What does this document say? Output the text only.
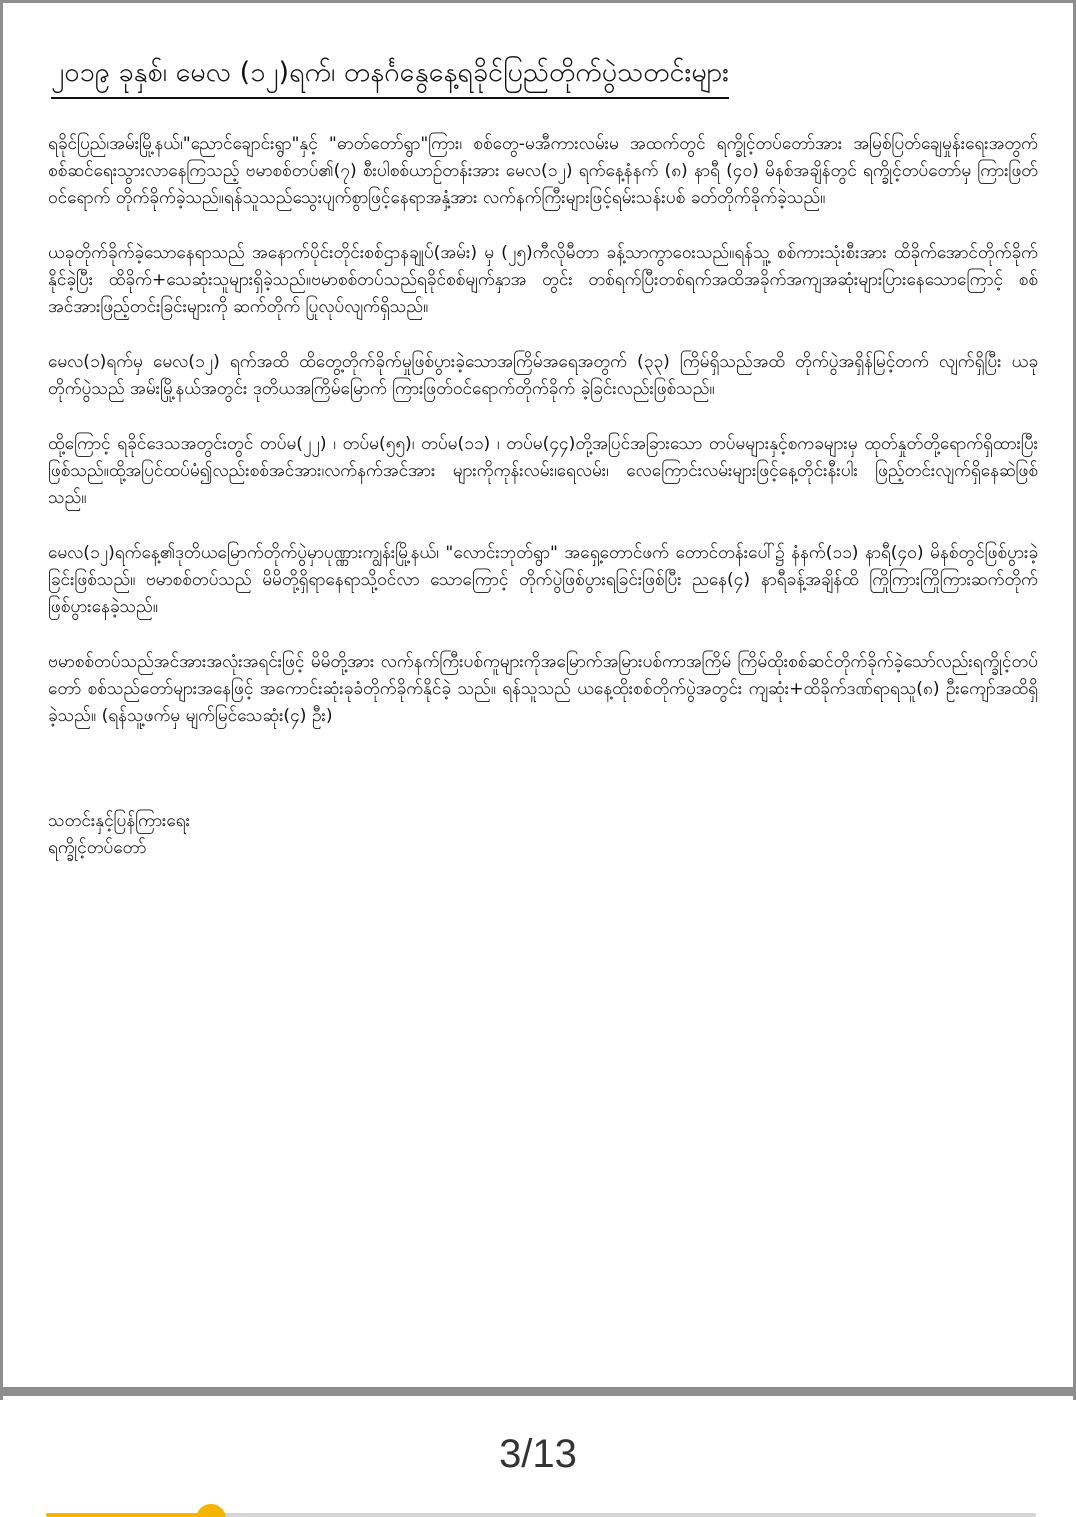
၂၀၁၉ ခုနှစ်၊ မေလ (၁၂)ရက်၊ တနင်္ဂနွေနေ့ရခိုင်ပြည်တိုက်ပွဲသတင်းများ

ရခိုင်ပြည်၊အမ်းမြို့နယ်၊"ညောင်ချောင်းရွာ"နှင့် "ဓာတ်တော်ရွာ"ကြား၊ စစ်တွေ-မအီကားလမ်းမ အထက်တွင် ရက္ခိုင့်တပ်တော်အား အမြစ်ပြတ်ချေမှုန်းရေးအတွက် စစ်ဆင်ရေးသွားလာနေကြသည့် ဗမာစစ်တပ်၏(၇) စီးပါစစ်ယာဉ်တန်းအား မေလ(၁၂) ရက်နေ့နံနက် (၈) နာရီ (၄၀) မိနစ်အချိန်တွင် ရက္ခိုင့်တပ်တော်မှ ကြားဖြတ်ဝင်ရောက် တိုက်ခိုက်ခဲ့သည်။ရန်သူသည်သွေးပျက်စွာဖြင့်နေရာအနှံ့အား လက်နက်ကြီးများဖြင့်ရမ်းသန်းပစ် ခတ်တိုက်ခိုက်ခဲ့သည်။

ယခုတိုက်ခိုက်ခဲ့သောနေရာသည် အနောက်ပိုင်းတိုင်းစစ်ဌာနချုပ်(အမ်း) မှ (၂၅)ကီလိုမီတာ ခန့်သာကွာဝေးသည်။ရန်သူ့ စစ်ကားသုံးစီးအား ထိခိုက်အောင်တိုက်ခိုက်နိုင်ခဲ့ပြီး ထိခိုက်+သေဆုံးသူများရှိခဲ့သည်။ဗမာစစ်တပ်သည်ရခိုင်စစ်မျက်နှာအ တွင်း တစ်ရက်ပြီးတစ်ရက်အထိအခိုက်အကျအဆုံးများပြားနေသောကြောင့် စစ်အင်အားဖြည့်တင်းခြင်းများကို ဆက်တိုက် ပြုလုပ်လျက်ရှိသည်။

မေလ(၁)ရက်မှ မေလ(၁၂) ရက်အထိ ထိတွေ့တိုက်ခိုက်မှုဖြစ်ပွားခဲ့သောအကြိမ်အရေအတွက် (၃၃) ကြိမ်ရှိသည်အထိ တိုက်ပွဲအရှိန်မြင့်တက် လျက်ရှိပြီး ယခုတိုက်ပွဲသည် အမ်းမြို့နယ်အတွင်း ဒုတိယအကြိမ်မြောက် ကြားဖြတ်ဝင်ရောက်တိုက်ခိုက် ခဲ့ခြင်းလည်းဖြစ်သည်။

ထို့ကြောင့် ရခိုင်ဒေသအတွင်းတွင် တပ်မ(၂၂) ၊ တပ်မ(၅၅)၊ တပ်မ(၁၁) ၊ တပ်မ(၄၄)တို့အပြင်အခြားသော တပ်မများနှင့်စကခများမှ ထုတ်နှုတ်တို့ရောက်ရှိထားပြီးဖြစ်သည်။ထို့အပြင်ထပ်မံ၍လည်းစစ်အင်အား၊လက်နက်အင်အား များကိုကုန်းလမ်း၊ရေလမ်း၊ လေကြောင်းလမ်းများဖြင့်နေ့တိုင်းနီးပါး ဖြည့်တင်းလျက်ရှိနေဆဲဖြစ် သည်။

မေလ(၁၂)ရက်နေ့၏ဒုတိယမြောက်တိုက်ပွဲမှာပုဏ္ဏားကျွန်းမြို့နယ်၊ "လောင်းဘုတ်ရွာ" အရှေ့တောင်ဖက် တောင်တန်းပေါ်၌ နံနက်(၁၁) နာရီ(၄၀) မိနစ်တွင်ဖြစ်ပွားခဲ့ခြင်းဖြစ်သည်။ ဗမာစစ်တပ်သည် မိမိတို့ရှိရာနေရာသို့ဝင်လာ သောကြောင့် တိုက်ပွဲဖြစ်ပွားရခြင်းဖြစ်ပြီး ညနေ(၄) နာရီခန့်အချိန်ထိ ကြိုကြားကြိုကြားဆက်တိုက်ဖြစ်ပွားနေခဲ့သည်။

ဗမာစစ်တပ်သည်အင်အားအလုံးအရင်းဖြင့် မိမိတို့အား လက်နက်ကြီးပစ်ကူများကိုအမြောက်အမြားပစ်ကာအကြိမ် ကြိမ်ထိုးစစ်ဆင်တိုက်ခိုက်ခဲ့သော်လည်းရက္ခိုင့်တပ်တော် စစ်သည်တော်များအနေဖြင့် အကောင်းဆုံးခုခံတိုက်ခိုက်နိုင်ခဲ့ သည်။ ရန်သူသည် ယနေ့ထိုးစစ်တိုက်ပွဲအတွင်း ကျဆုံး+ထိခိုက်ဒဏ်ရာရသူ(၈) ဦးကျော်အထိရှိခဲ့သည်။ (ရန်သူ့ဖက်မှ မျက်မြင်သေဆုံး(၄) ဦး)

သတင်းနှင့်ပြန်ကြားရေး
ရက္ခိုင့်တပ်တော်
3/13
